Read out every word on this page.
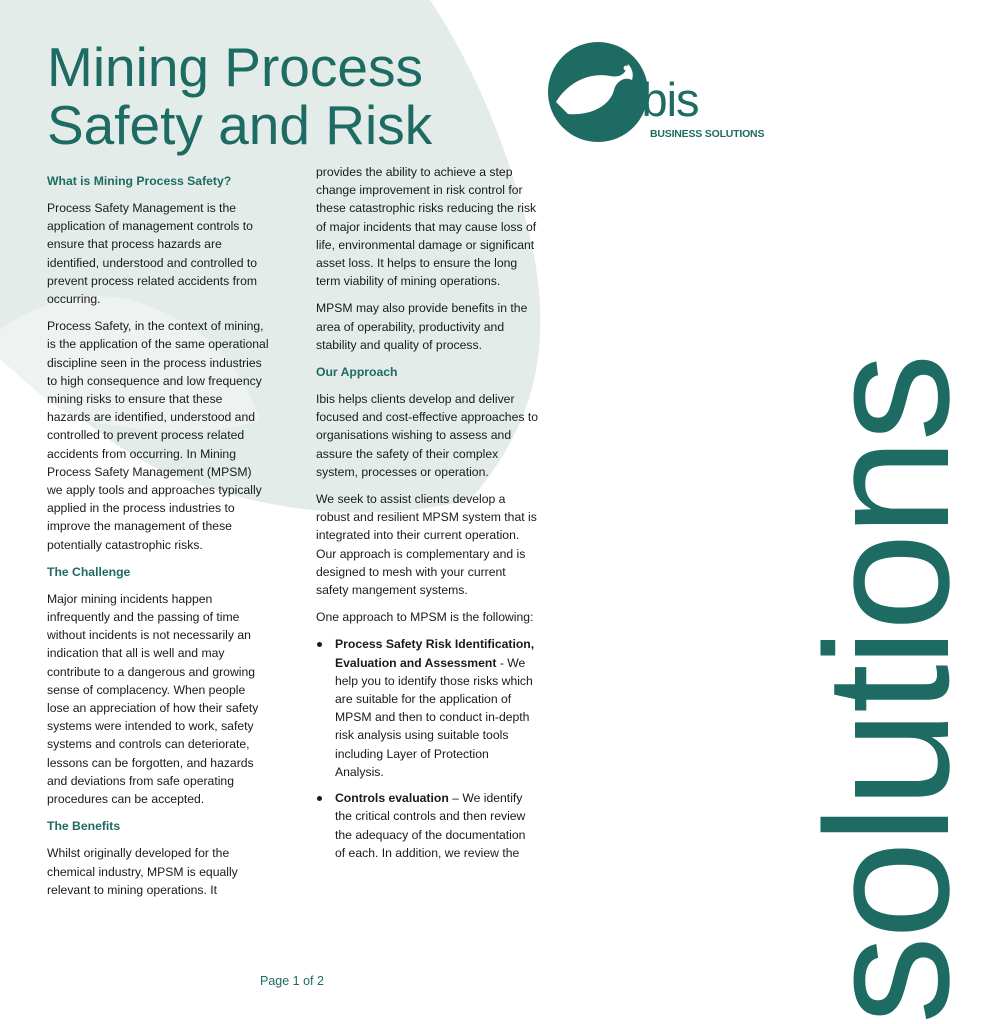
Mining Process
Safety and Risk	ibis
BUSINESS SOLUTIONS
solutions
What is Mining Process Safety?

Process Safety Management is the application of management controls to ensure that process hazards are identified, understood and controlled to prevent process related accidents from occurring.

Process Safety, in the context of mining, is the application of the same operational discipline seen in the process industries to high consequence and low frequency mining risks to ensure that these hazards are identified, understood and controlled to prevent process related accidents from occurring. In Mining Process Safety Management (MPSM) we apply tools and approaches typically applied in the process industries to improve the management of these potentially catastrophic risks.

The Challenge

Major mining incidents happen infrequently and the passing of time without incidents is not necessarily an indication that all is well and may contribute to a dangerous and growing sense of complacency. When people lose an appreciation of how their safety systems were intended to work, safety systems and controls can deteriorate, lessons can be forgotten, and hazards and deviations from safe operating procedures can be accepted.

The Benefits

Whilst originally developed for the chemical industry, MPSM is equally relevant to mining operations. It

provides the ability to achieve a step change improvement in risk control for these catastrophic risks reducing the risk of major incidents that may cause loss of life, environmental damage or significant asset loss. It helps to ensure the long term viability of mining operations.

MPSM may also provide benefits in the area of operability, productivity and stability and quality of process.

Our Approach

Ibis helps clients develop and deliver focused and cost-effective approaches to organisations wishing to assess and assure the safety of their complex system, processes or operation.

We seek to assist clients develop a robust and resilient MPSM system that is integrated into their current operation. Our approach is complementary and is designed to mesh with your current safety mangement systems.

One approach to MPSM is the following:

Process Safety Risk Identification, Evaluation and Assessment - We help you to identify those risks which are suitable for the application of MPSM and then to conduct in-depth risk analysis using suitable tools including Layer of Protection Analysis.
Controls evaluation – We identify the critical controls and then review the adequacy of the documentation of each. In addition, we review the
Page 1 of 2
